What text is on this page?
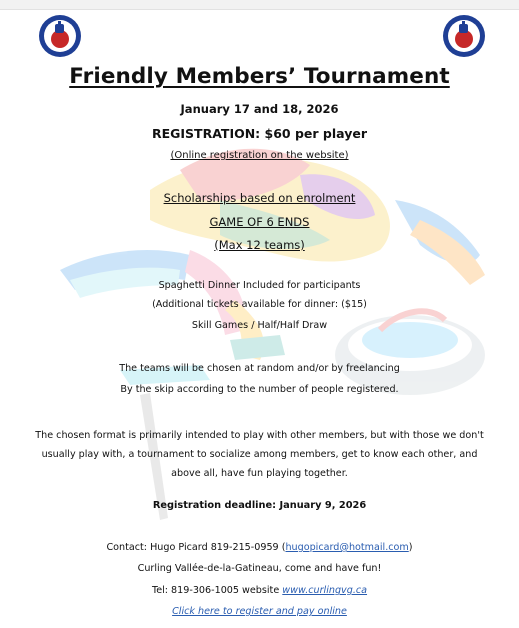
Friendly Members’ Tournament
January 17 and 18, 2026
REGISTRATION: $60 per player
(Online registration on the website)
Scholarships based on enrolment
GAME OF 6 ENDS
(Max 12 teams)
Spaghetti Dinner Included for participants
(Additional tickets available for dinner: ($15)
Skill Games / Half/Half Draw
The teams will be chosen at random and/or by freelancing
By the skip according to the number of people registered.
The chosen format is primarily intended to play with other members, but with those we don't usually play with, a tournament to socialize among members, get to know each other, and above all, have fun playing together.
Registration deadline: January 9, 2026
Contact: Hugo Picard 819-215-0959 (hugopicard@hotmail.com)
Curling Vallée-de-la-Gatineau, come and have fun!
Tel: 819-306-1005 website www.curlingvg.ca
Click here to register and pay online
